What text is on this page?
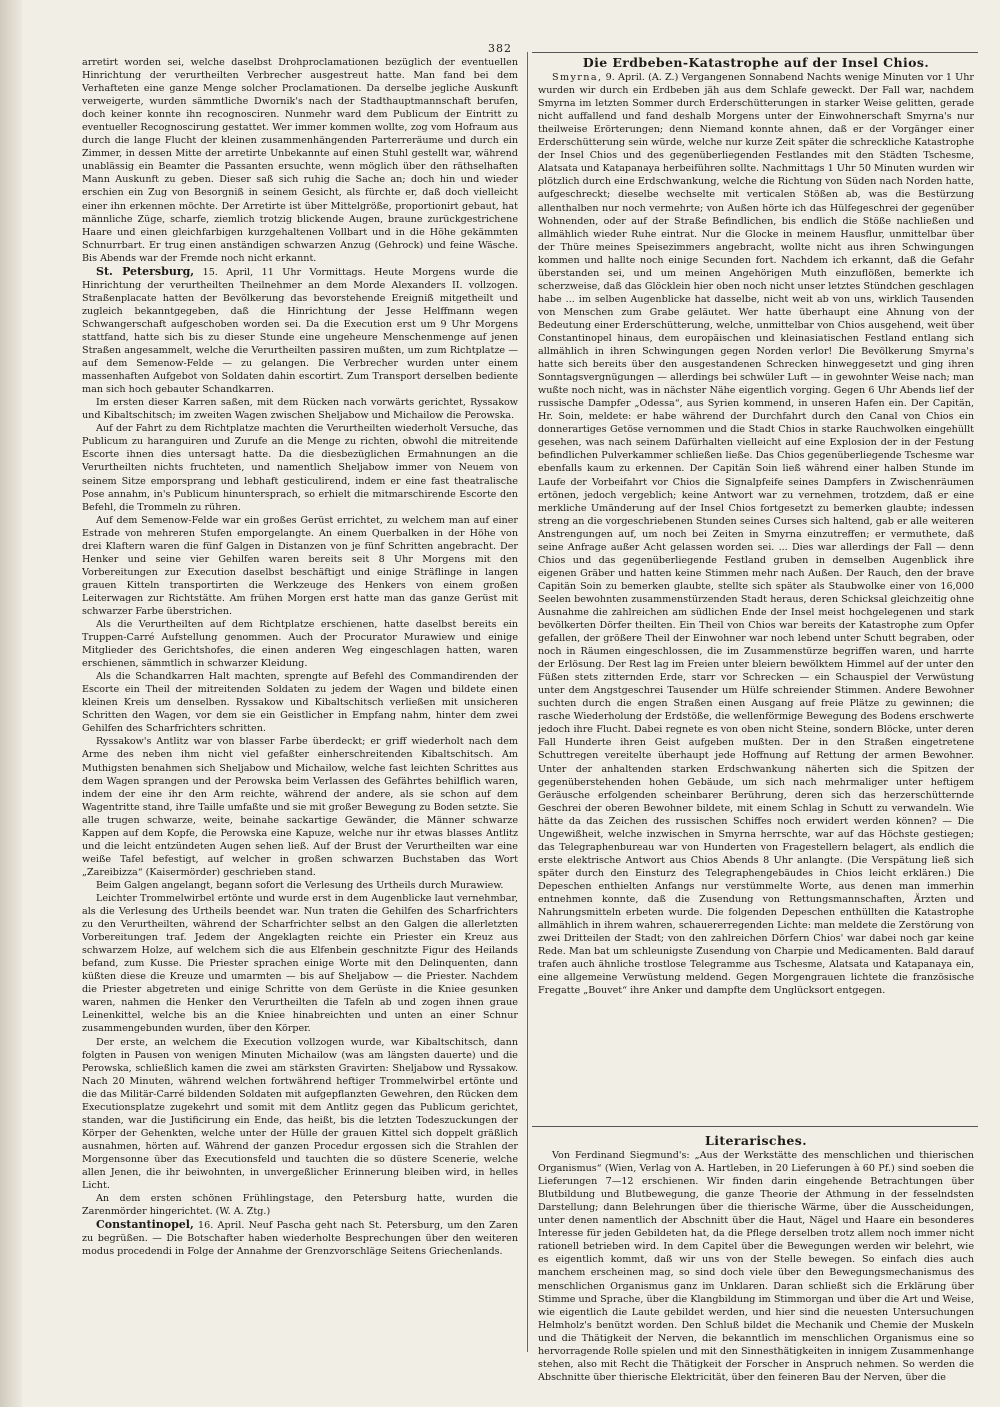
382

arretirt worden sei, welche daselbst Drohproclamationen bezüglich der eventuellen Hinrichtung der verurtheilten Verbrecher ausgestreut hatte. Man fand bei dem Verhafteten eine ganze Menge solcher Proclamationen. Da derselbe jegliche Auskunft verweigerte, wurden sämmtliche Dwornik's nach der Stadthauptmannschaft berufen, doch keiner konnte ihn recognosciren. Nunmehr ward dem Publicum der Eintritt zu eventueller Recognoscirung gestattet. Wer immer kommen wollte, zog vom Hofraum aus durch die lange Flucht der kleinen zusammenhängenden Parterreräume und durch ein Zimmer, in dessen Mitte der arretirte Unbekannte auf einen Stuhl gestellt war, während unablässig ein Beamter die Passanten ersuchte, wenn möglich über den räthselhaften Mann Auskunft zu geben. Dieser saß sich ruhig die Sache an; doch hin und wieder erschien ein Zug von Besorgniß in seinem Gesicht, als fürchte er, daß doch vielleicht einer ihn erkennen möchte. Der Arretirte ist über Mittelgröße, proportionirt gebaut, hat männliche Züge, scharfe, ziemlich trotzig blickende Augen, braune zurückgestrichene Haare und einen gleichfarbigen kurzgehaltenen Vollbart und in die Höhe gekämmten Schnurrbart. Er trug einen anständigen schwarzen Anzug (Gehrock) und feine Wäsche. Bis Abends war der Fremde noch nicht erkannt.

St. Petersburg, 15. April, 11 Uhr Vormittags. Heute Morgens wurde die Hinrichtung der verurtheilten Theilnehmer an dem Morde Alexanders II. vollzogen. Straßenplacate hatten der Bevölkerung das bevorstehende Ereigniß mitgetheilt und zugleich bekanntgegeben, daß die Hinrichtung der Jesse Helffmann wegen Schwangerschaft aufgeschoben worden sei. Da die Execution erst um 9 Uhr Morgens stattfand, hatte sich bis zu dieser Stunde eine ungeheure Menschenmenge auf jenen Straßen angesammelt, welche die Verurtheilten passiren mußten, um zum Richtplatze — auf dem Semenow-Felde — zu gelangen. Die Verbrecher wurden unter einem massenhaften Aufgebot von Soldaten dahin escortirt. Zum Transport derselben bediente man sich hoch gebauter Schandkarren.

Im ersten dieser Karren saßen, mit dem Rücken nach vorwärts gerichtet, Ryssakow und Kibaltschitsch; im zweiten Wagen zwischen Sheljabow und Michailow die Perowska.

Auf der Fahrt zu dem Richtplatze machten die Verurtheilten wiederholt Versuche, das Publicum zu haranguiren und Zurufe an die Menge zu richten, obwohl die mitreitende Escorte ihnen dies untersagt hatte. Da die diesbezüglichen Ermahnungen an die Verurtheilten nichts fruchteten, und namentlich Sheljabow immer von Neuem von seinem Sitze emporsprang und lebhaft gesticulirend, indem er eine fast theatralische Pose annahm, in's Publicum hinuntersprach, so erhielt die mitmarschirende Escorte den Befehl, die Trommeln zu rühren.

Auf dem Semenow-Felde war ein großes Gerüst errichtet, zu welchem man auf einer Estrade von mehreren Stufen emporgelangte. An einem Querbalken in der Höhe von drei Klaftern waren die fünf Galgen in Distanzen von je fünf Schritten angebracht. Der Henker und seine vier Gehilfen waren bereits seit 8 Uhr Morgens mit den Vorbereitungen zur Execution daselbst beschäftigt und einige Sträflinge in langen grauen Kitteln transportirten die Werkzeuge des Henkers von einem großen Leiterwagen zur Richtstätte. Am frühen Morgen erst hatte man das ganze Gerüst mit schwarzer Farbe überstrichen.

Als die Verurtheilten auf dem Richtplatze erschienen, hatte daselbst bereits ein Truppen-Carré Aufstellung genommen. Auch der Procurator Murawiew und einige Mitglieder des Gerichtshofes, die einen anderen Weg eingeschlagen hatten, waren erschienen, sämmtlich in schwarzer Kleidung.

Als die Schandkarren Halt machten, sprengte auf Befehl des Commandirenden der Escorte ein Theil der mitreitenden Soldaten zu jedem der Wagen und bildete einen kleinen Kreis um denselben. Ryssakow und Kibaltschitsch verließen mit unsicheren Schritten den Wagen, vor dem sie ein Geistlicher in Empfang nahm, hinter dem zwei Gehilfen des Scharfrichters schritten.

Ryssakow's Antlitz war von blasser Farbe überdeckt; er griff wiederholt nach dem Arme des neben ihm nicht viel gefaßter einherschreitenden Kibaltschitsch. Am Muthigsten benahmen sich Sheljabow und Michailow, welche fast leichten Schrittes aus dem Wagen sprangen und der Perowska beim Verlassen des Gefährtes behilflich waren, indem der eine ihr den Arm reichte, während der andere, als sie schon auf dem Wagentritte stand, ihre Taille umfaßte und sie mit großer Bewegung zu Boden setzte. Sie alle trugen schwarze, weite, beinahe sackartige Gewänder, die Männer schwarze Kappen auf dem Kopfe, die Perowska eine Kapuze, welche nur ihr etwas blasses Antlitz und die leicht entzündeten Augen sehen ließ. Auf der Brust der Verurtheilten war eine weiße Tafel befestigt, auf welcher in großen schwarzen Buchstaben das Wort „Zareibizza“ (Kaisermörder) geschrieben stand.

Beim Galgen angelangt, begann sofort die Verlesung des Urtheils durch Murawiew.

Leichter Trommelwirbel ertönte und wurde erst in dem Augenblicke laut vernehmbar, als die Verlesung des Urtheils beendet war. Nun traten die Gehilfen des Scharfrichters zu den Verurtheilten, während der Scharfrichter selbst an den Galgen die allerletzten Vorbereitungen traf. Jedem der Angeklagten reichte ein Priester ein Kreuz aus schwarzem Holze, auf welchem sich die aus Elfenbein geschnitzte Figur des Heilands befand, zum Kusse. Die Priester sprachen einige Worte mit den Delinquenten, dann küßten diese die Kreuze und umarmten — bis auf Sheljabow — die Priester. Nachdem die Priester abgetreten und einige Schritte von dem Gerüste in die Kniee gesunken waren, nahmen die Henker den Verurtheilten die Tafeln ab und zogen ihnen graue Leinenkittel, welche bis an die Kniee hinabreichten und unten an einer Schnur zusammengebunden wurden, über den Körper.

Der erste, an welchem die Execution vollzogen wurde, war Kibaltschitsch, dann folgten in Pausen von wenigen Minuten Michailow (was am längsten dauerte) und die Perowska, schließlich kamen die zwei am stärksten Gravirten: Sheljabow und Ryssakow. Nach 20 Minuten, während welchen fortwährend heftiger Trommelwirbel ertönte und die das Militär-Carré bildenden Soldaten mit aufgepflanzten Gewehren, den Rücken dem Executionsplatze zugekehrt und somit mit dem Antlitz gegen das Publicum gerichtet, standen, war die Justificirung ein Ende, das heißt, bis die letzten Todeszuckungen der Körper der Gehenkten, welche unter der Hülle der grauen Kittel sich doppelt gräßlich ausnahmen, hörten auf. Während der ganzen Procedur ergossen sich die Strahlen der Morgensonne über das Executionsfeld und tauchten die so düstere Scenerie, welche allen Jenen, die ihr beiwohnten, in unvergeßlicher Erinnerung bleiben wird, in helles Licht.

An dem ersten schönen Frühlingstage, den Petersburg hatte, wurden die Zarenmörder hingerichtet. (W. A. Ztg.)

Constantinopel, 16. April. Neuf Pascha geht nach St. Petersburg, um den Zaren zu begrüßen. — Die Botschafter haben wiederholte Besprechungen über den weiteren modus procedendi in Folge der Annahme der Grenzvorschläge Seitens Griechenlands.

Die Erdbeben-Katastrophe auf der Insel Chios.

Smyrna, 9. April. (A. Z.) Vergangenen Sonnabend Nachts wenige Minuten vor 1 Uhr wurden wir durch ein Erdbeben jäh aus dem Schlafe geweckt. Der Fall war, nachdem Smyrna im letzten Sommer durch Erderschütterungen in starker Weise gelitten, gerade nicht auffallend und fand deshalb Morgens unter der Einwohnerschaft Smyrna's nur theilweise Erörterungen; denn Niemand konnte ahnen, daß er der Vorgänger einer Erderschütterung sein würde, welche nur kurze Zeit später die schreckliche Katastrophe der Insel Chios und des gegenüberliegenden Festlandes mit den Städten Tschesme, Alatsata und Katapanaya herbeiführen sollte. Nachmittags 1 Uhr 50 Minuten wurden wir plötzlich durch eine Erdschwankung, welche die Richtung von Süden nach Norden hatte, aufgeschreckt; dieselbe wechselte mit verticalen Stößen ab, was die Bestürzung allenthalben nur noch vermehrte; von Außen hörte ich das Hülfegeschrei der gegenüber Wohnenden, oder auf der Straße Befindlichen, bis endlich die Stöße nachließen und allmählich wieder Ruhe eintrat. Nur die Glocke in meinem Hausflur, unmittelbar über der Thüre meines Speisezimmers angebracht, wollte nicht aus ihren Schwingungen kommen und hallte noch einige Secunden fort. Nachdem ich erkannt, daß die Gefahr überstanden sei, und um meinen Angehörigen Muth einzuflößen, bemerkte ich scherzweise, daß das Glöcklein hier oben noch nicht unser letztes Stündchen geschlagen habe ... im selben Augenblicke hat dasselbe, nicht weit ab von uns, wirklich Tausenden von Menschen zum Grabe geläutet. Wer hatte überhaupt eine Ahnung von der Bedeutung einer Erderschütterung, welche, unmittelbar von Chios ausgehend, weit über Constantinopel hinaus, dem europäischen und kleinasiatischen Festland entlang sich allmählich in ihren Schwingungen gegen Norden verlor! Die Bevölkerung Smyrna's hatte sich bereits über den ausgestandenen Schrecken hinweggesetzt und ging ihren Sonntagsvergnügungen — allerdings bei schwüler Luft — in gewohnter Weise nach; man wußte noch nicht, was in nächster Nähe eigentlich vorging. Gegen 6 Uhr Abends lief der russische Dampfer „Odessa“, aus Syrien kommend, in unseren Hafen ein. Der Capitän, Hr. Soin, meldete: er habe während der Durchfahrt durch den Canal von Chios ein donnerartiges Getöse vernommen und die Stadt Chios in starke Rauchwolken eingehüllt gesehen, was nach seinem Dafürhalten vielleicht auf eine Explosion der in der Festung befindlichen Pulverkammer schließen ließe. Das Chios gegenüberliegende Tschesme war ebenfalls kaum zu erkennen. Der Capitän Soin ließ während einer halben Stunde im Laufe der Vorbeifahrt vor Chios die Signalpfeife seines Dampfers in Zwischenräumen ertönen, jedoch vergeblich; keine Antwort war zu vernehmen, trotzdem, daß er eine merkliche Umänderung auf der Insel Chios fortgesetzt zu bemerken glaubte; indessen streng an die vorgeschriebenen Stunden seines Curses sich haltend, gab er alle weiteren Anstrengungen auf, um noch bei Zeiten in Smyrna einzutreffen; er vermuthete, daß seine Anfrage außer Acht gelassen worden sei. ... Dies war allerdings der Fall — denn Chios und das gegenüberliegende Festland gruben in demselben Augenblick ihre eigenen Gräber und hatten keine Stimmen mehr nach Außen. Der Rauch, den der brave Capitän Soin zu bemerken glaubte, stellte sich später als Staubwolke einer von 16,000 Seelen bewohnten zusammenstürzenden Stadt heraus, deren Schicksal gleichzeitig ohne Ausnahme die zahlreichen am südlichen Ende der Insel meist hochgelegenen und stark bevölkerten Dörfer theilten. Ein Theil von Chios war bereits der Katastrophe zum Opfer gefallen, der größere Theil der Einwohner war noch lebend unter Schutt begraben, oder noch in Räumen eingeschlossen, die im Zusammenstürze begriffen waren, und harrte der Erlösung. Der Rest lag im Freien unter bleiern bewölktem Himmel auf der unter den Füßen stets zitternden Erde, starr vor Schrecken — ein Schauspiel der Verwüstung unter dem Angstgeschrei Tausender um Hülfe schreiender Stimmen. Andere Bewohner suchten durch die engen Straßen einen Ausgang auf freie Plätze zu gewinnen; die rasche Wiederholung der Erdstöße, die wellenförmige Bewegung des Bodens erschwerte jedoch ihre Flucht. Dabei regnete es von oben nicht Steine, sondern Blöcke, unter deren Fall Hunderte ihren Geist aufgeben mußten. Der in den Straßen eingetretene Schuttregen vereitelte überhaupt jede Hoffnung auf Rettung der armen Bewohner. Unter der anhaltenden starken Erdschwankung näherten sich die Spitzen der gegenüberstehenden hohen Gebäude, um sich nach mehrmaliger unter heftigem Geräusche erfolgenden scheinbarer Berührung, deren sich das herzerschütternde Geschrei der oberen Bewohner bildete, mit einem Schlag in Schutt zu verwandeln. Wie hätte da das Zeichen des russischen Schiffes noch erwidert werden können? — Die Ungewißheit, welche inzwischen in Smyrna herrschte, war auf das Höchste gestiegen; das Telegraphenbureau war von Hunderten von Fragestellern belagert, als endlich die erste elektrische Antwort aus Chios Abends 8 Uhr anlangte. (Die Verspätung ließ sich später durch den Einsturz des Telegraphengebäudes in Chios leicht erklären.) Die Depeschen enthielten Anfangs nur verstümmelte Worte, aus denen man immerhin entnehmen konnte, daß die Zusendung von Rettungsmannschaften, Ärzten und Nahrungsmitteln erbeten wurde. Die folgenden Depeschen enthüllten die Katastrophe allmählich in ihrem wahren, schauererregenden Lichte: man meldete die Zerstörung von zwei Dritteilen der Stadt; von den zahlreichen Dörfern Chios' war dabei noch gar keine Rede. Man bat um schleunigste Zusendung von Charpie und Medicamenten. Bald darauf trafen auch ähnliche trostlose Telegramme aus Tschesme, Alatsata und Katapanaya ein, eine allgemeine Verwüstung meldend. Gegen Morgengrauen lichtete die französische Fregatte „Bouvet“ ihre Anker und dampfte dem Unglücksort entgegen.

Literarisches.

Von Ferdinand Siegmund's: „Aus der Werkstätte des menschlichen und thierischen Organismus“ (Wien, Verlag von A. Hartleben, in 20 Lieferungen à 60 Pf.) sind soeben die Lieferungen 7—12 erschienen. Wir finden darin eingehende Betrachtungen über Blutbildung und Blutbewegung, die ganze Theorie der Athmung in der fesselndsten Darstellung; dann Belehrungen über die thierische Wärme, über die Ausscheidungen, unter denen namentlich der Abschnitt über die Haut, Nägel und Haare ein besonderes Interesse für jeden Gebildeten hat, da die Pflege derselben trotz allem noch immer nicht rationell betrieben wird. In dem Capitel über die Bewegungen werden wir belehrt, wie es eigentlich kommt, daß wir uns von der Stelle bewegen. So einfach dies auch manchem erscheinen mag, so sind doch viele über den Bewegungsmechanismus des menschlichen Organismus ganz im Unklaren. Daran schließt sich die Erklärung über Stimme und Sprache, über die Klangbildung im Stimmorgan und über die Art und Weise, wie eigentlich die Laute gebildet werden, und hier sind die neuesten Untersuchungen Helmholz's benützt worden. Den Schluß bildet die Mechanik und Chemie der Muskeln und die Thätigkeit der Nerven, die bekanntlich im menschlichen Organismus eine so hervorragende Rolle spielen und mit den Sinnesthätigkeiten in innigem Zusammenhange stehen, also mit Recht die Thätigkeit der Forscher in Anspruch nehmen. So werden die Abschnitte über thierische Elektricität, über den feineren Bau der Nerven, über die
